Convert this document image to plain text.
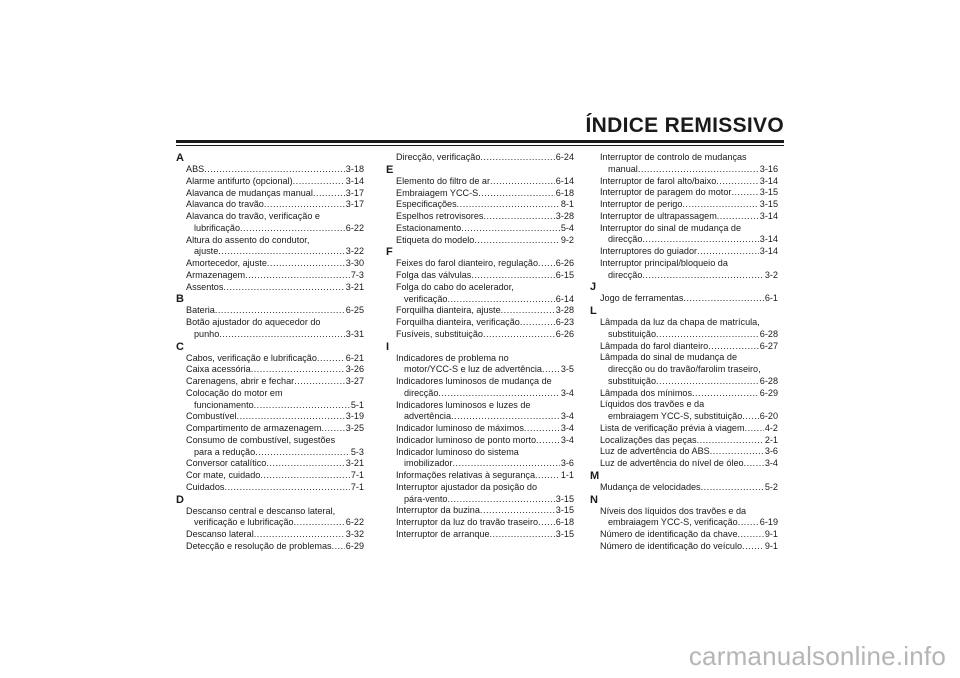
ÍNDICE REMISSIVO
A
ABS .....	3-18
Alarme antifurto (opcional) .....	3-14
Alavanca de mudanças manual .....	3-17
Alavanca do travão .....	3-17
Alavanca do travão, verificação e
lubrificação .....	6-22
Altura do assento do condutor,
ajuste .....	3-22
Amortecedor, ajuste .....	3-30
Armazenagem .....	7-3
Assentos .....	3-21
B
Bateria .....	6-25
Botão ajustador do aquecedor do
punho .....	3-31
C
Cabos, verificação e lubrificação .....	6-21
Caixa acessória .....	3-26
Carenagens, abrir e fechar .....	3-27
Colocação do motor em
funcionamento .....	5-1
Combustível .....	3-19
Compartimento de armazenagem .....	3-25
Consumo de combustível, sugestões
para a redução .....	5-3
Conversor catalítico .....	3-21
Cor mate, cuidado .....	7-1
Cuidados .....	7-1
D
Descanso central e descanso lateral,
verificação e lubrificação .....	6-22
Descanso lateral .....	3-32
Detecção e resolução de problemas ..... 6-29
Direcção, verificação .....	6-24
E
Elemento do filtro de ar .....	6-14
Embraiagem YCC-S .....	6-18
Especificações .....	8-1
Espelhos retrovisores .....	3-28
Estacionamento .....	5-4
Etiqueta do modelo .....	9-2
F
Feixes do farol dianteiro, regulação ..... 6-26
Folga das válvulas .....	6-15
Folga do cabo do acelerador,
verificação .....	6-14
Forquilha dianteira, ajuste .....	3-28
Forquilha dianteira, verificação .....	6-23
Fusíveis, substituição .....	6-26
I
Indicadores de problema no
motor/YCC-S e luz de advertência ..... 3-5
Indicadores luminosos de mudança de
direcção .....	3-4
Indicadores luminosos e luzes de
advertência .....	3-4
Indicador luminoso de máximos .....	3-4
Indicador luminoso de ponto morto .....	3-4
Indicador luminoso do sistema
imobilizador .....	3-6
Informações relativas à segurança .....	1-1
Interruptor ajustador da posição do
pára-vento .....	3-15
Interruptor da buzina .....	3-15
Interruptor da luz do travão traseiro ..... 6-18
Interruptor de arranque .....	3-15
Interruptor de controlo de mudanças
manual .....	3-16
Interruptor de farol alto/baixo .....	3-14
Interruptor de paragem do motor .....	3-15
Interruptor de perigo .....	3-15
Interruptor de ultrapassagem .....	3-14
Interruptor do sinal de mudança de
direcção .....	3-14
Interruptores do guiador .....	3-14
Interruptor principal/bloqueio da
direcção .....	3-2
J
Jogo de ferramentas .....	6-1
L
Lâmpada da luz da chapa de matrícula,
substituição .....	6-28
Lâmpada do farol dianteiro .....	6-27
Lâmpada do sinal de mudança de
direcção ou do travão/farolim traseiro,
substituição .....	6-28
Lâmpada dos mínimos .....	6-29
Líquidos dos travões e da
embraiagem YCC-S, substituição ..... 6-20
Lista de verificação prévia à viagem ..... 4-2
Localizações das peças .....	2-1
Luz de advertência do ABS .....	3-6
Luz de advertência do nível de óleo ..... 3-4
M
Mudança de velocidades .....	5-2
N
Níveis dos líquidos dos travões e da
embraiagem YCC-S, verificação ..... 6-19
Número de identificação da chave .....	9-1
Número de identificação do veículo .....	9-1
carmanualsonline.info
